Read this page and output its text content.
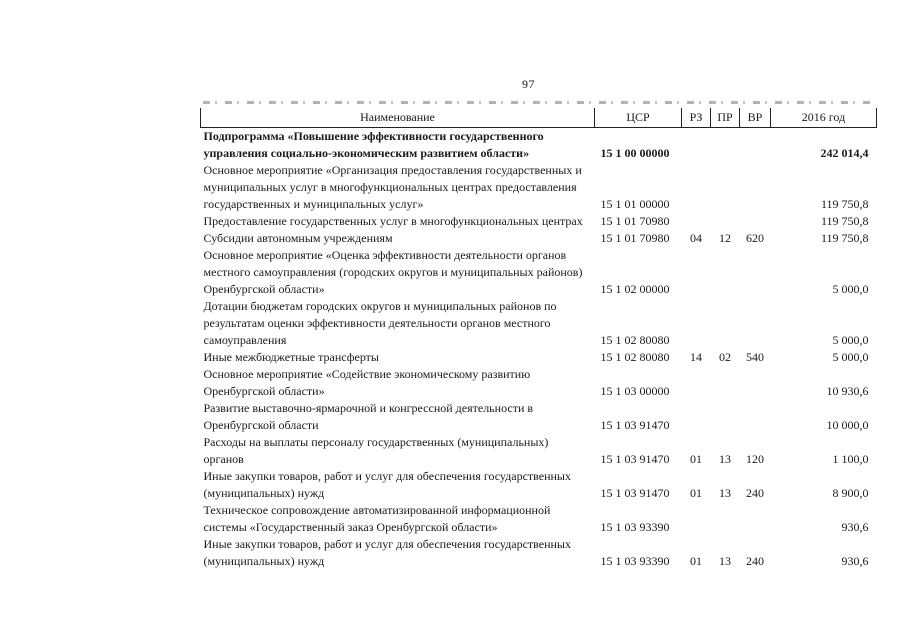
97
Наименование	ЦСР	РЗ	ПР	ВР	2016 год
Подпрограмма «Повышение эффективности государственного управления социально-экономическим развитием области»	15 1 00 00000				242 014,4
Основное мероприятие «Организация предоставления государственных и муниципальных услуг в многофункциональных центрах предоставления государственных и муниципальных услуг»	15 1 01 00000				119 750,8
Предоставление государственных услуг в многофункциональных центрах	15 1 01 70980				119 750,8
Субсидии автономным учреждениям	15 1 01 70980	04	12	620	119 750,8
Основное мероприятие «Оценка эффективности деятельности органов местного самоуправления (городских округов и муниципальных районов) Оренбургской области»	15 1 02 00000				5 000,0
Дотации бюджетам городских округов и муниципальных районов по результатам оценки эффективности деятельности органов местного самоуправления	15 1 02 80080				5 000,0
Иные межбюджетные трансферты	15 1 02 80080	14	02	540	5 000,0
Основное мероприятие «Содействие экономическому развитию Оренбургской области»	15 1 03 00000				10 930,6
Развитие выставочно-ярмарочной и конгрессной деятельности в Оренбургской области	15 1 03 91470				10 000,0
Расходы на выплаты персоналу государственных (муниципальных) органов	15 1 03 91470	01	13	120	1 100,0
Иные закупки товаров, работ и услуг для обеспечения государственных (муниципальных) нужд	15 1 03 91470	01	13	240	8 900,0
Техническое сопровождение автоматизированной информационной системы «Государственный заказ Оренбургской области»	15 1 03 93390				930,6
Иные закупки товаров, работ и услуг для обеспечения государственных (муниципальных) нужд	15 1 03 93390	01	13	240	930,6
